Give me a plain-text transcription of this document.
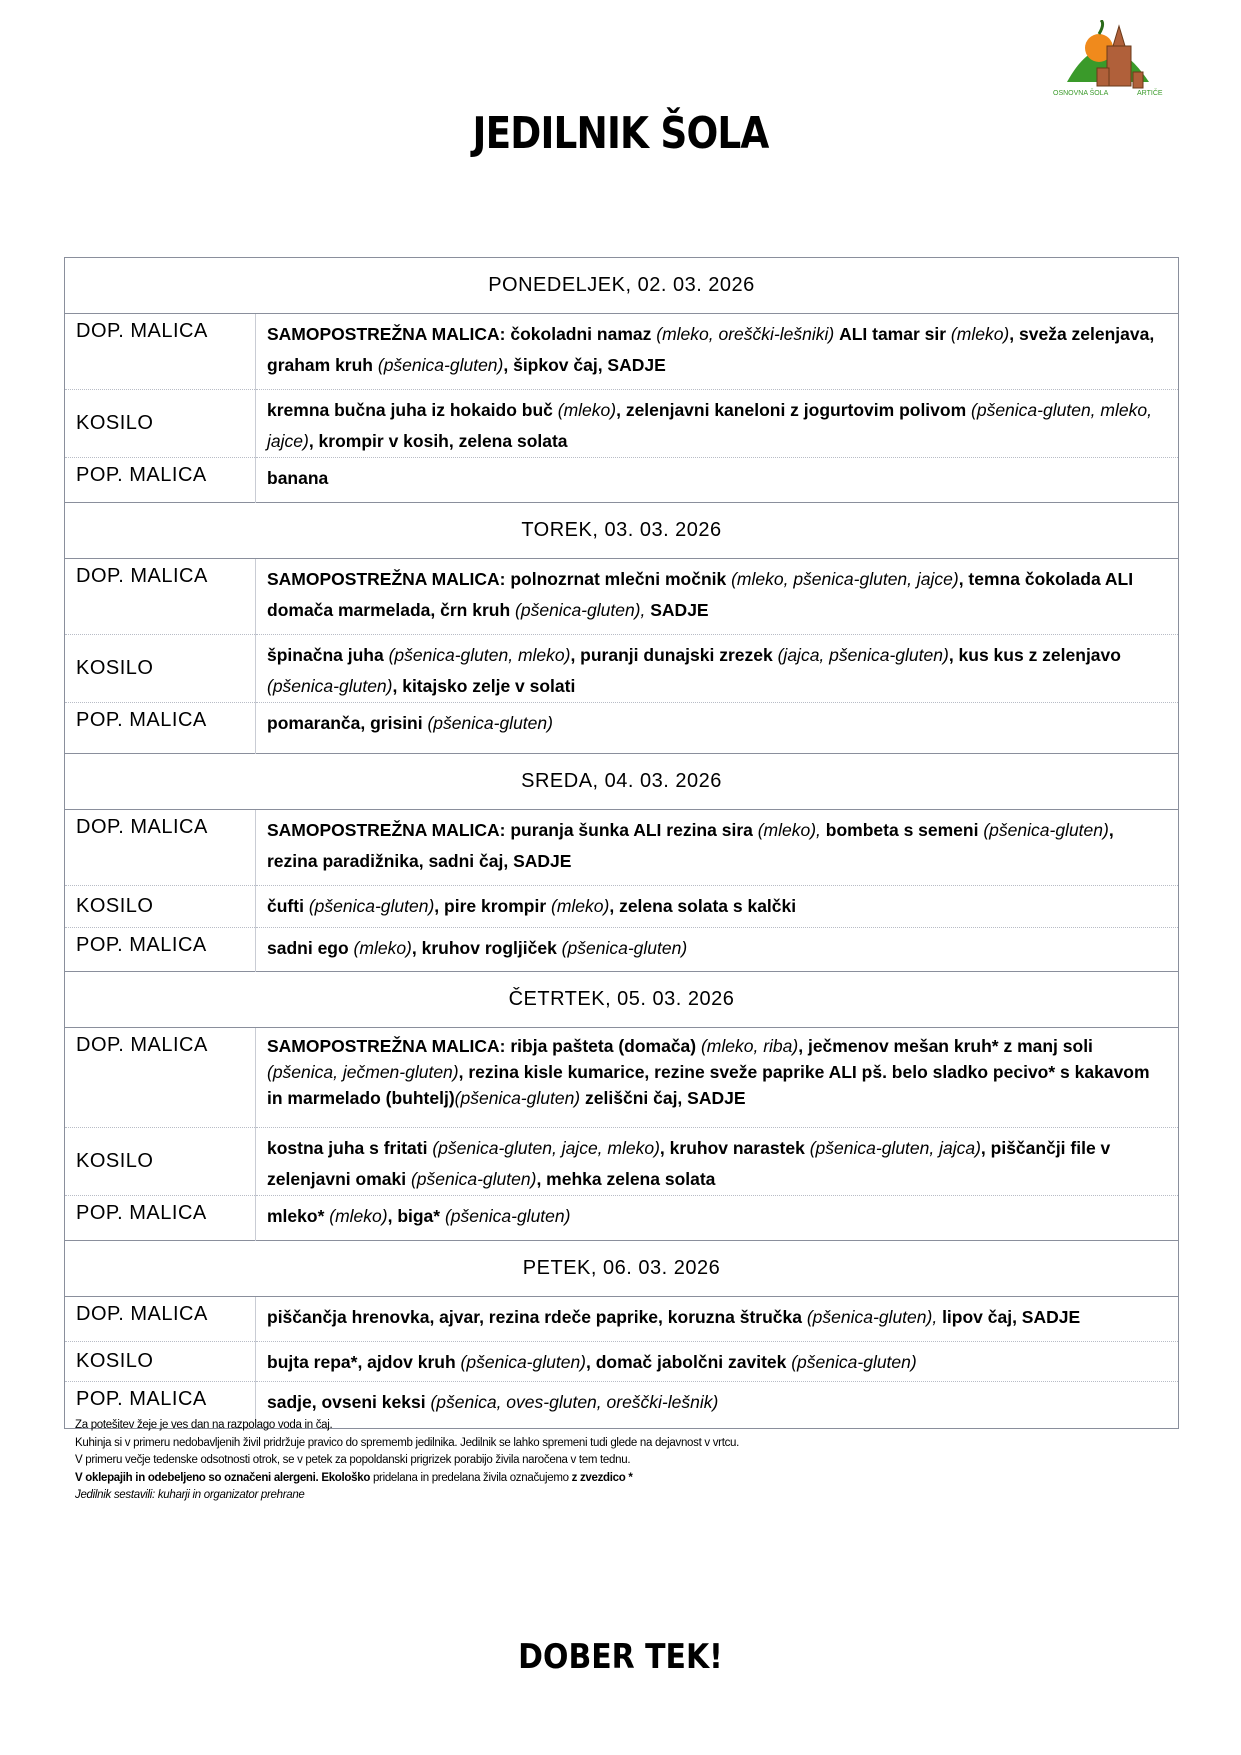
OSNOVNA ŠOLA	ARTIČE
JEDILNIK ŠOLA
PONEDELJEK, 02. 03. 2026	
DOP. MALICA	SAMOPOSTREŽNA MALICA: čokoladni namaz (mleko, oreščki-lešniki) ALI tamar sir (mleko), sveža zelenjava, graham kruh (pšenica-gluten), šipkov čaj, SADJE
KOSILO	kremna bučna juha iz hokaido buč (mleko), zelenjavni kaneloni z jogurtovim polivom (pšenica-gluten, mleko, jajce), krompir v kosih, zelena solata
POP. MALICA	banana
TOREK, 03. 03. 2026	
DOP. MALICA	SAMOPOSTREŽNA MALICA: polnozrnat mlečni močnik (mleko, pšenica-gluten, jajce), temna čokolada ALI domača marmelada, črn kruh (pšenica-gluten), SADJE
KOSILO	špinačna juha (pšenica-gluten, mleko), puranji dunajski zrezek (jajca, pšenica-gluten), kus kus z zelenjavo (pšenica-gluten), kitajsko zelje v solati
POP. MALICA	pomaranča, grisini (pšenica-gluten)
SREDA, 04. 03. 2026	
DOP. MALICA	SAMOPOSTREŽNA MALICA: puranja šunka ALI rezina sira (mleko), bombeta s semeni (pšenica-gluten), rezina paradižnika, sadni čaj, SADJE
KOSILO	čufti (pšenica-gluten), pire krompir (mleko), zelena solata s kalčki
POP. MALICA	sadni ego (mleko), kruhov rogljiček (pšenica-gluten)
ČETRTEK, 05. 03. 2026	
DOP. MALICA	SAMOPOSTREŽNA MALICA: ribja pašteta (domača) (mleko, riba), ječmenov mešan kruh* z manj soli (pšenica, ječmen-gluten), rezina kisle kumarice, rezine sveže paprike ALI pš. belo sladko pecivo* s kakavom in marmelado (buhtelj)(pšenica-gluten) zeliščni čaj, SADJE
KOSILO	kostna juha s fritati (pšenica-gluten, jajce, mleko), kruhov narastek (pšenica-gluten, jajca), piščančji file v zelenjavni omaki (pšenica-gluten), mehka zelena solata
POP. MALICA	mleko* (mleko), biga* (pšenica-gluten)
PETEK, 06. 03. 2026	
DOP. MALICA	piščančja hrenovka, ajvar, rezina rdeče paprike, koruzna štručka (pšenica-gluten), lipov čaj, SADJE
KOSILO	bujta repa*, ajdov kruh (pšenica-gluten), domač jabolčni zavitek (pšenica-gluten)
POP. MALICA	sadje, ovseni keksi (pšenica, oves-gluten, oreščki-lešnik)
Za potešitev žeje je ves dan na razpolago voda in čaj.
Kuhinja si v primeru nedobavljenih živil pridržuje pravico do sprememb jedilnika. Jedilnik se lahko spremeni tudi glede na dejavnost v vrtcu.
V primeru večje tedenske odsotnosti otrok, se v petek za popoldanski prigrizek porabijo živila naročena v tem tednu.
V oklepajih in odebeljeno so označeni alergeni. Ekološko pridelana in predelana živila označujemo z zvezdico *
Jedilnik sestavili: kuharji in organizator prehrane
DOBER TEK!
